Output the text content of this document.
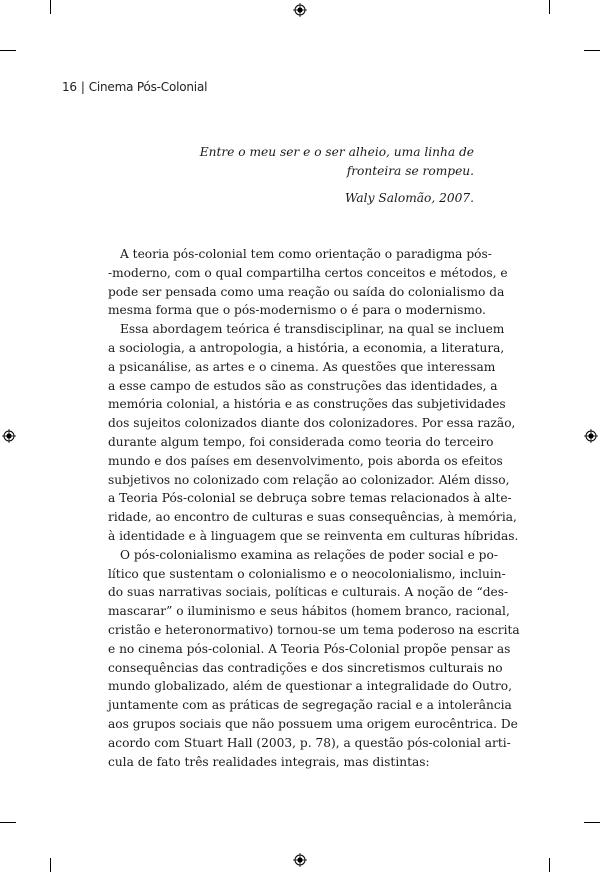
16 | Cinema Pós-Colonial
Entre o meu ser e o ser alheio, uma linha de
fronteira se rompeu.
Waly Salomão, 2007.
A teoria pós-colonial tem como orientação o paradigma pós-
-moderno, com o qual compartilha certos conceitos e métodos, e
pode ser pensada como uma reação ou saída do colonialismo da
mesma forma que o pós-modernismo o é para o modernismo.
Essa abordagem teórica é transdisciplinar, na qual se incluem
a sociologia, a antropologia, a história, a economia, a literatura,
a psicanálise, as artes e o cinema. As questões que interessam
a esse campo de estudos são as construções das identidades, a
memória colonial, a história e as construções das subjetividades
dos sujeitos colonizados diante dos colonizadores. Por essa razão,
durante algum tempo, foi considerada como teoria do terceiro
mundo e dos países em desenvolvimento, pois aborda os efeitos
subjetivos no colonizado com relação ao colonizador. Além disso,
a Teoria Pós-colonial se debruça sobre temas relacionados à alte-
ridade, ao encontro de culturas e suas consequências, à memória,
à identidade e à linguagem que se reinventa em culturas híbridas.
O pós-colonialismo examina as relações de poder social e po-
lítico que sustentam o colonialismo e o neocolonialismo, incluin-
do suas narrativas sociais, políticas e culturais. A noção de “des-
mascarar” o iluminismo e seus hábitos (homem branco, racional,
cristão e heteronormativo) tornou-se um tema poderoso na escrita
e no cinema pós-colonial. A Teoria Pós-Colonial propõe pensar as
consequências das contradições e dos sincretismos culturais no
mundo globalizado, além de questionar a integralidade do Outro,
juntamente com as práticas de segregação racial e a intolerância
aos grupos sociais que não possuem uma origem eurocêntrica. De
acordo com Stuart Hall (2003, p. 78), a questão pós-colonial arti-
cula de fato três realidades integrais, mas distintas:
